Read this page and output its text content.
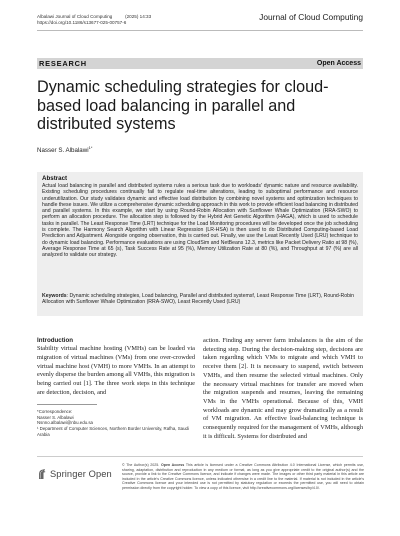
Albalawi Journal of Cloud Computing          (2025) 14:33
https://doi.org/10.1186/s13677-025-00757-6
Journal of Cloud Computing
RESEARCH	Open Access
Dynamic scheduling strategies for cloud-based load balancing in parallel and distributed systems
Nasser S. Albalawi$^{1*}$
Abstract
Actual load balancing in parallel and distributed systems rules a serious task due to workloads' dynamic nature and resource availability. Existing scheduling procedures continually fail to regulate real-time alterations, leading to suboptimal performance and resource underutilization. Our study validates dynamic and effective load distribution by combining novel systems and optimization techniques to handle these issues. We utilize a comprehensive dynamic scheduling approach in this work to provide efficient load balancing in distributed and parallel systems. In this example, we start by using Round-Robin Allocation with Sunflower Whale Optimization (RRA-SWO) to perform an allocation procedure. The allocation step is followed by the Hybrid Ant Genetic Algorithm (HAGA), which is used to schedule tasks in parallel. The Least Response Time (LRT) technique for the Load Monitoring procedures will be developed once the job scheduling is complete. The Harmony Search Algorithm with Linear Regression (LR-HSA) is then used to do Distributed Computing-based Load Prediction and Adjustment. Alongside ongoing observation, this is carried out. Finally, we use the Least Recently Used (LRU) technique to do dynamic load balancing. Performance evaluations are using CloudSim and NetBeans 12.3, metrics like Packet Delivery Ratio at 98 (%), Average Response Time at 65 (s), Task Success Rate at 95 (%), Memory Utilization Rate at 80 (%), and Throughput at 97 (%) are all analyzed to validate our strategy.
Keywords: Dynamic scheduling strategies, Load balancing, Parallel and distributed systemsf, Least Response Time (LRT), Round-Robin Allocation with Sunflower Whale Optimization (RRA-SWO), Least Recently Used (LRU)
Introduction
Stability virtual machine hosting (VMHs) can be loaded via migration of virtual machines (VMs) from one over-crowded virtual machine host (VMH) to more VMHs. In an attempt to evenly disperse the burden among all VMHs, this migration is being carried out [1]. The three work steps in this technique are detection, decision, and
action. Finding any server farm imbalances is the aim of the detecting step. During the decision-making step, decisions are taken regarding which VMs to migrate and which VMH to receive them [2]. It is necessary to suspend, switch between VMHs, and then resume the selected virtual machines. Only the necessary virtual machines for transfer are moved when the migration suspends and resumes, leaving the remaining VMs in the VMHs operational. Because of this, VMH workloads are dynamic and may grow dramatically as a result of VM migration. An effective load-balancing technique is consequently required for the management of VMHs, although it is difficult. Systems for distributed and
*Correspondence:
Nasser S. Albalawi
Nsnno.albalawi@nbu.edu.sa
¹ Department of Computer Sciences, Northern Border University, Rafha, Saudi Arabia
Springer Open
© The Author(s) 2025. Open Access This article is licensed under a Creative Commons Attribution 4.0 International License, which permits use, sharing, adaptation, distribution and reproduction in any medium or format, as long as you give appropriate credit to the original author(s) and the source, provide a link to the Creative Commons licence, and indicate if changes were made. The images or other third party material in this article are included in the article's Creative Commons licence, unless indicated otherwise in a credit line to the material. If material is not included in the article's Creative Commons licence and your intended use is not permitted by statutory regulation or exceeds the permitted use, you will need to obtain permission directly from the copyright holder. To view a copy of this licence, visit http://creativecommons.org/licenses/by/4.0/.
